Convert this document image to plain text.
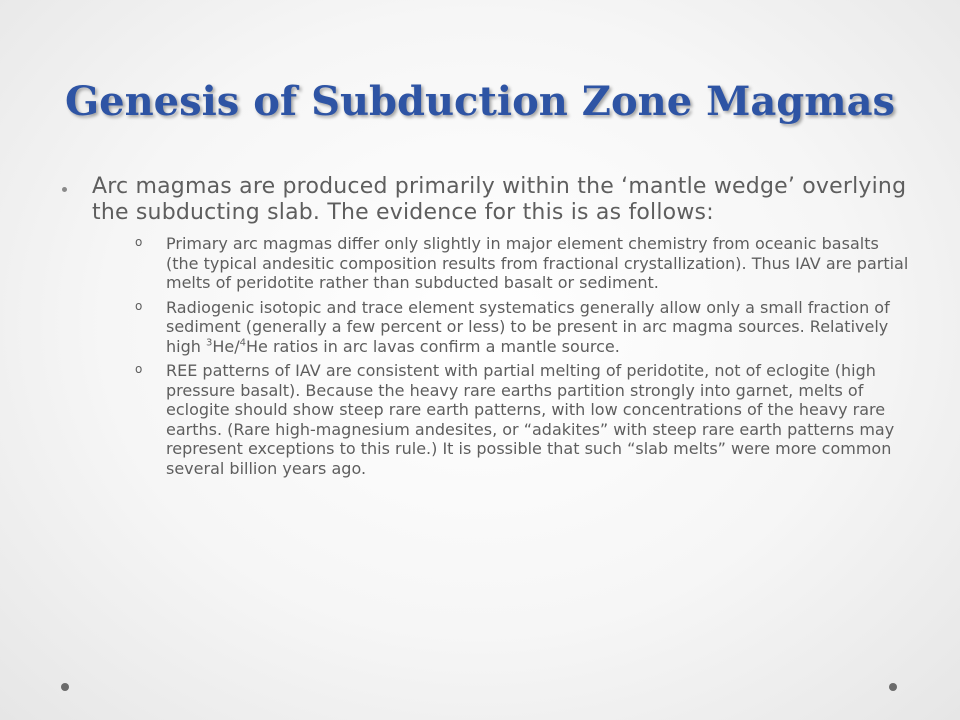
Genesis of Subduction Zone Magmas

Arc magmas are produced primarily within the ‘mantle wedge’ overlying the subducting slab. The evidence for this is as follows:

o Primary arc magmas differ only slightly in major element chemistry from oceanic basalts (the typical andesitic composition results from fractional crystallization). Thus IAV are partial melts of peridotite rather than subducted basalt or sediment.

o Radiogenic isotopic and trace element systematics generally allow only a small fraction of sediment (generally a few percent or less) to be present in arc magma sources. Relatively high $^3$He/$^4$He ratios in arc lavas confirm a mantle source.

o REE patterns of IAV are consistent with partial melting of peridotite, not of eclogite (high pressure basalt). Because the heavy rare earths partition strongly into garnet, melts of eclogite should show steep rare earth patterns, with low concentrations of the heavy rare earths. (Rare high-magnesium andesites, or “adakites” with steep rare earth patterns may represent exceptions to this rule.) It is possible that such “slab melts” were more common several billion years ago.
